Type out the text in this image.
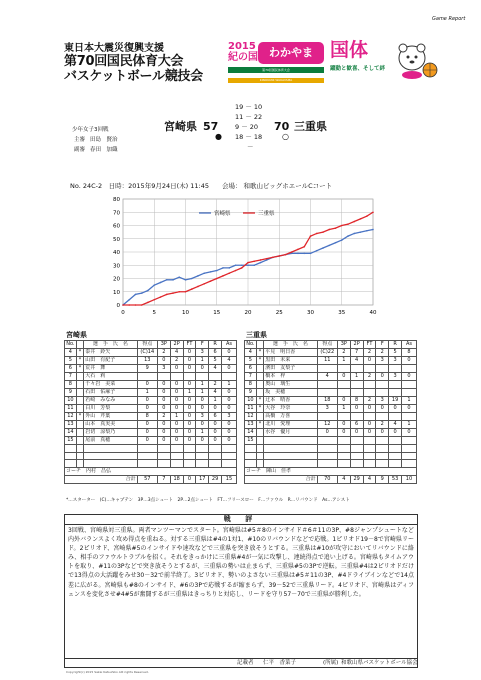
Game Report
東日本大震災復興支援
第70回国民体育大会
バスケットボール競技会
2015
紀の国	わかやま 国体
第70回国民体育大会	躍動と歓喜、そして絆
KINOKUNI WAKAYAMA
少年女子3回戦
主審 田島　賢治
副審 春田　加織
宮崎県 57
19 － 10
11 － 22
9 － 20
18 － 18
－
●	○
70 三重県
No. 24C-2　日時：2015年9月24日(木) 11:45　　会場： 和歌山ビッグホエールCコート
0
10
20
30
40
50
60
70
80
0	5	10	15	20	25	30	35	40
宮崎県	三重県
宮崎県
No.		選　手　氏　名	得点	3P	2P	FT	F	R	As
4	*	泰井　鈴矢	(C)14	2	4	0	3	6	0
5	*	山田　有紀子	13	0	2	0	1	5	4
6	*	荒井　舞	9	3	0	0	0	4	0
7		大石　莉							
8		千々岩　美菜	0	0	0	0	1	2	1
9		石田　佑麻子	1	0	0	1	1	4	0
10		若崎　みなみ	0	0	0	0	0	1	0
11		白川　芳梨	0	0	0	0	0	0	0
12	*	外山　芹葉	8	2	1	0	3	6	3
13		山本　真実美	0	0	0	0	0	0	0
14		岩切　涼梨乃	0	0	0	0	1	0	0
15		尾前　真穂	0	0	0	0	0	0	0

コーチ　内村　昌弘									
合計			57	7	18	0	17	29	15
三重県
No.		選　手　氏　名	得点	3P	2P	FT	F	R	As
4	*	平見　明日香	(C)22	2	7	2	2	5	8
5	*	黒田　未来	11	1	4	0	3	3	0
6		濱田　友梨子							
7		橋本　梓	4	0	1	2	0	3	0
8		奥山　璃生							
9		坂　美穂							
10	*	辻本　晴香	18	0	8	2	3	19	1
11	*	大谷　玲奈	3	1	0	0	0	0	0
12		高橋　万喜							
13	*	北川　愛理	12	0	6	0	2	4	1
14		水谷　優月	0	0	0	0	0	0	0
15									

コーチ　陳山　佳孝									
合計			70	4	29	4	9	53	10
*…スターター　(C)…キャプテン　3P…3点シュート　2P…2点シュート　FT…フリースロー　F…ファウル　R…リバウンド　As…アシスト
戦 評
3回戦、宮崎県対三重県。両者マンツーマンでスタート。宮崎県は#5＃8のインサイド＃6＃11の3P、#8ジャンプシュートなど内外バランスよく攻め得点を重ねる。対する三重県は#4の1対1、#10のリバウンドなどで応戦。1ピリオド19－8で宮崎県リード。2ピリオド、宮崎県#5のインサイドや速攻などで三重県を突き放そうとする。三重県は#10が攻守においてリバウンドに絡み、相手のファウルトラブルを招く。それをきっかけに三重県#4が一気に攻撃し、連続得点で追い上げる。宮崎県もタイムアウトを取り、#11の3Pなどで突き放そうとするが、三重県の勢いは止まらず、三重県#5の3Pで逆転。三重県#4は2ピリオドだけで13得点の大活躍をみせ30－32で前半終了。3ピリオド、勢いのよさない三重県は#5＃11の3P、#4ドライブインなどで14点差に広がる。宮崎県も#8のインサイド、#6の3Pで応戦するが縮まらず、39－52で三重県リード。4ピリオド、宮崎県はディフェンスを変化させ#4#5が奮闘するが三重県はきっちりと対応し、リードを守り57－70で三重県が勝利した。
記載者 仁平　香菜子	(所属) 和歌山県バスケットボール協会
Copyright(c) 2015 Sakai Katsuhiko Alll rights Reserved.
